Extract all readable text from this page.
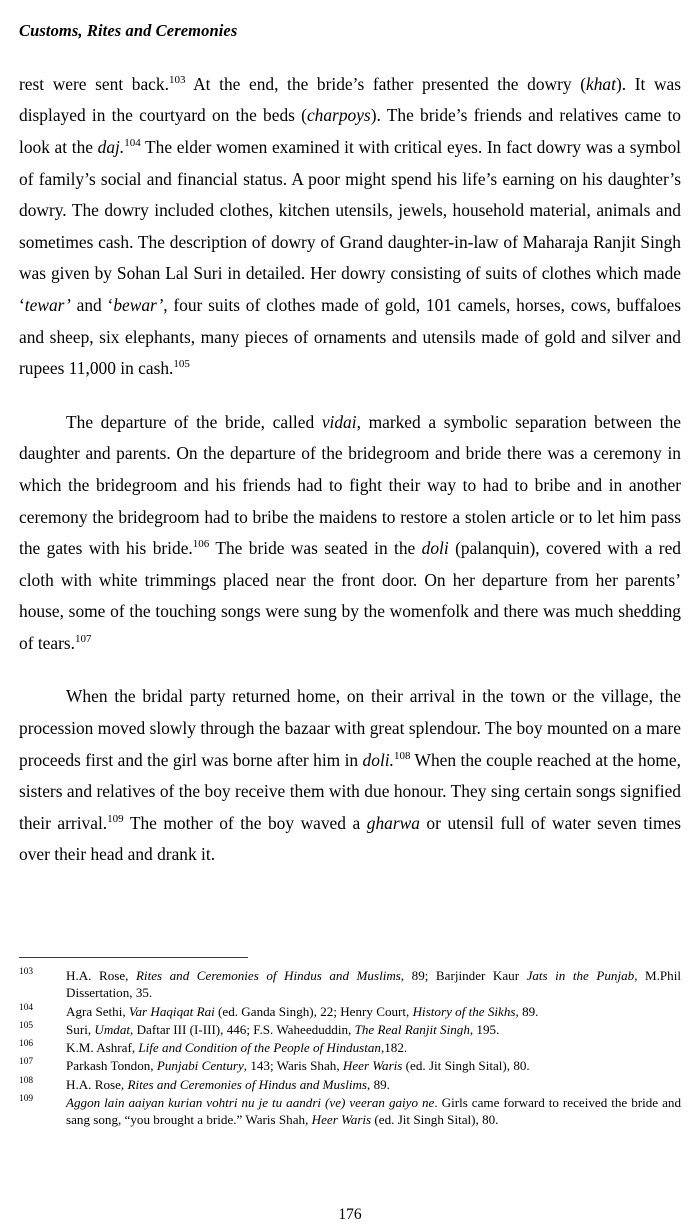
Customs, Rites and Ceremonies

rest were sent back.$^{103}$ At the end, the bride’s father presented the dowry (khat). It was displayed in the courtyard on the beds (charpoys). The bride’s friends and relatives came to look at the daj.$^{104}$ The elder women examined it with critical eyes. In fact dowry was a symbol of family’s social and financial status. A poor might spend his life’s earning on his daughter’s dowry. The dowry included clothes, kitchen utensils, jewels, household material, animals and sometimes cash. The description of dowry of Grand daughter-in-law of Maharaja Ranjit Singh was given by Sohan Lal Suri in detailed. Her dowry consisting of suits of clothes which made ‘tewar’ and ‘bewar’, four suits of clothes made of gold, 101 camels, horses, cows, buffaloes and sheep, six elephants, many pieces of ornaments and utensils made of gold and silver and rupees 11,000 in cash.$^{105}$

The departure of the bride, called vidai, marked a symbolic separation between the daughter and parents. On the departure of the bridegroom and bride there was a ceremony in which the bridegroom and his friends had to fight their way to had to bribe and in another ceremony the bridegroom had to bribe the maidens to restore a stolen article or to let him pass the gates with his bride.$^{106}$ The bride was seated in the doli (palanquin), covered with a red cloth with white trimmings placed near the front door. On her departure from her parents’ house, some of the touching songs were sung by the womenfolk and there was much shedding of tears.$^{107}$

When the bridal party returned home, on their arrival in the town or the village, the procession moved slowly through the bazaar with great splendour. The boy mounted on a mare proceeds first and the girl was borne after him in doli.$^{108}$ When the couple reached at the home, sisters and relatives of the boy receive them with due honour. They sing certain songs signified their arrival.$^{109}$ The mother of the boy waved a gharwa or utensil full of water seven times over their head and drank it.

103	H.A. Rose, Rites and Ceremonies of Hindus and Muslims, 89; Barjinder Kaur Jats in the Punjab, M.Phil Dissertation, 35.
104	Agra Sethi, Var Haqiqat Rai (ed. Ganda Singh), 22; Henry Court, History of the Sikhs, 89.
105	Suri, Umdat, Daftar III (I-III), 446; F.S. Waheeduddin, The Real Ranjit Singh, 195.
106	K.M. Ashraf, Life and Condition of the People of Hindustan,182.
107	Parkash Tondon, Punjabi Century, 143; Waris Shah, Heer Waris (ed. Jit Singh Sital), 80.
108	H.A. Rose, Rites and Ceremonies of Hindus and Muslims, 89.
109	Aggon lain aaiyan kurian vohtri nu je tu aandri (ve) veeran gaiyo ne. Girls came forward to received the bride and sang song, “you brought a bride.” Waris Shah, Heer Waris (ed. Jit Singh Sital), 80.
176
